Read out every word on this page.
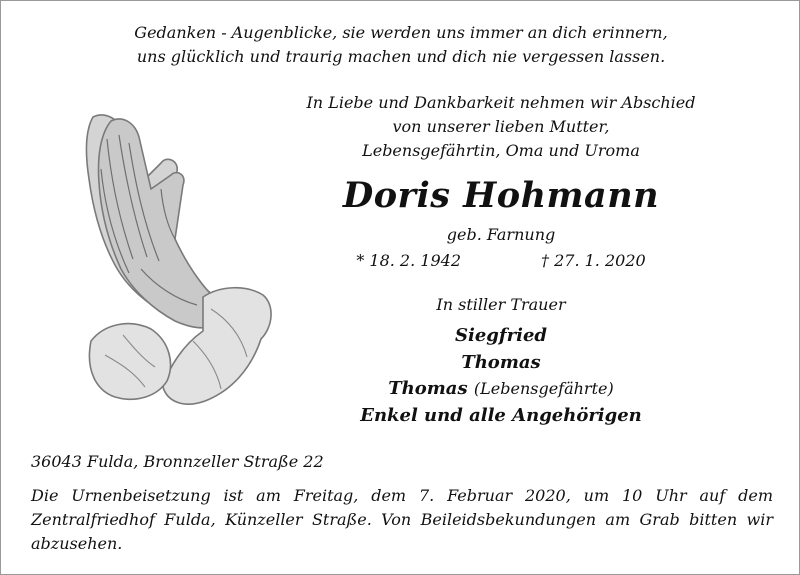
Gedanken - Augenblicke, sie werden uns immer an dich erinnern,
uns glücklich und traurig machen und dich nie vergessen lassen.
In Liebe und Dankbarkeit nehmen wir Abschied
von unserer lieben Mutter,
Lebensgefährtin, Oma und Uroma
Doris Hohmann
geb. Farnung
* 18. 2. 1942	† 27. 1. 2020
In stiller Trauer
Siegfried
Thomas
Thomas (Lebensgefährte)
Enkel und alle Angehörigen
36043 Fulda, Bronnzeller Straße 22
Die Urnenbeisetzung ist am Freitag, dem 7. Februar 2020, um 10 Uhr auf dem Zentralfriedhof Fulda, Künzeller Straße. Von Beileidsbekundungen am Grab bitten wir abzusehen.
